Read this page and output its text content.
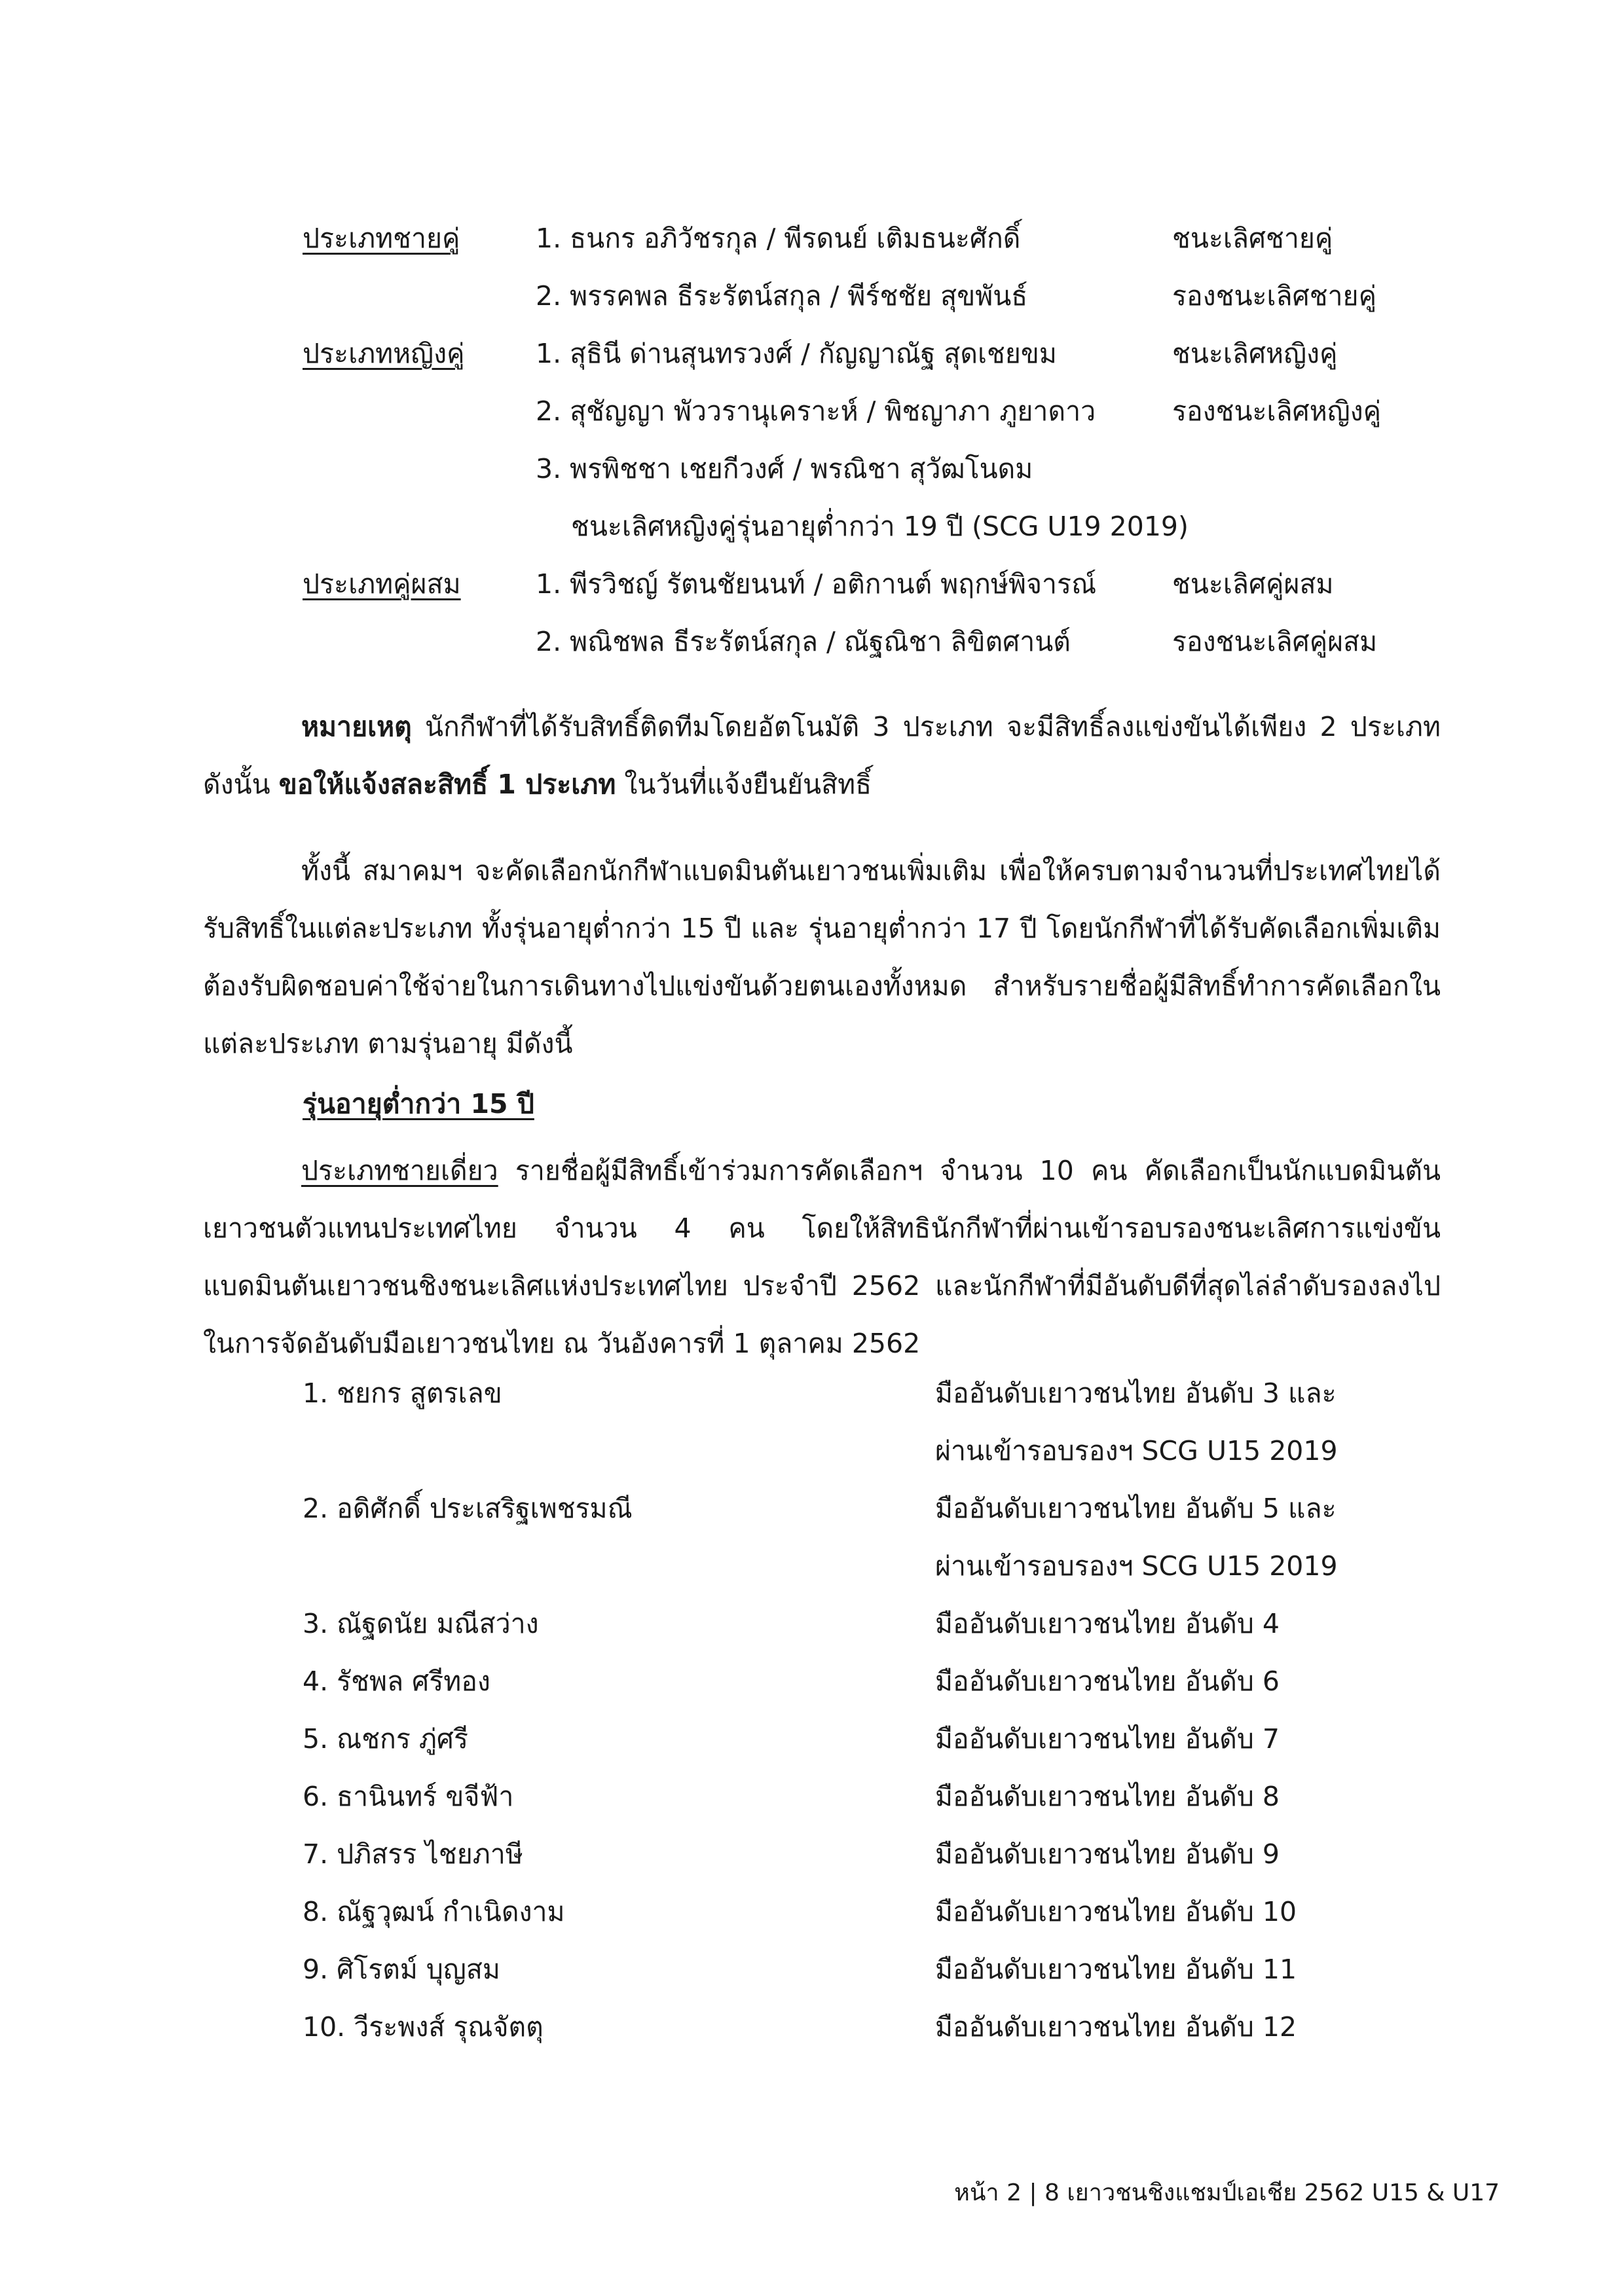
ประเภทชายคู่	1. ธนกร อภิวัชรกุล / พีรดนย์ เติมธนะศักดิ์	ชนะเลิศชายคู่
2. พรรคพล ธีระรัตน์สกุล / พีร์ชชัย สุขพันธ์	รองชนะเลิศชายคู่
ประเภทหญิงคู่	1. สุธินี ด่านสุนทรวงศ์ / กัญญาณัฐ สุดเชยขม	ชนะเลิศหญิงคู่
2. สุชัญญา พัววรานุเคราะห์ / พิชญาภา ภูยาดาว	รองชนะเลิศหญิงคู่
3. พรพิชชา เชยกีวงศ์ / พรณิชา สุวัฒโนดม
ชนะเลิศหญิงคู่รุ่นอายุต่ำกว่า 19 ปี (SCG U19 2019)
ประเภทคู่ผสม	1. พีรวิชญ์ รัตนชัยนนท์ / อติกานต์ พฤกษ์พิจารณ์	ชนะเลิศคู่ผสม
2. พณิชพล ธีระรัตน์สกุล / ณัฐณิชา ลิขิตศานต์	รองชนะเลิศคู่ผสม
หมายเหตุ นักกีฬาที่ได้รับสิทธิ์ติดทีมโดยอัตโนมัติ 3 ประเภท จะมีสิทธิ์ลงแข่งขันได้เพียง 2 ประเภท ดังนั้น ขอให้แจ้งสละสิทธิ์ 1 ประเภท ในวันที่แจ้งยืนยันสิทธิ์
ทั้งนี้ สมาคมฯ จะคัดเลือกนักกีฬาแบดมินตันเยาวชนเพิ่มเติม เพื่อให้ครบตามจำนวนที่ประเทศไทยได้รับสิทธิ์ในแต่ละประเภท ทั้งรุ่นอายุต่ำกว่า 15 ปี และ รุ่นอายุต่ำกว่า 17 ปี โดยนักกีฬาที่ได้รับคัดเลือกเพิ่มเติม ต้องรับผิดชอบค่าใช้จ่ายในการเดินทางไปแข่งขันด้วยตนเองทั้งหมด สำหรับรายชื่อผู้มีสิทธิ์ทำการคัดเลือกในแต่ละประเภท ตามรุ่นอายุ มีดังนี้
รุ่นอายุต่ำกว่า 15 ปี
ประเภทชายเดี่ยว รายชื่อผู้มีสิทธิ์เข้าร่วมการคัดเลือกฯ จำนวน 10 คน คัดเลือกเป็นนักแบดมินตันเยาวชนตัวแทนประเทศไทย จำนวน 4 คน โดยให้สิทธินักกีฬาที่ผ่านเข้ารอบรองชนะเลิศการแข่งขันแบดมินตันเยาวชนชิงชนะเลิศแห่งประเทศไทย ประจำปี 2562 และนักกีฬาที่มีอันดับดีที่สุดไล่ลำดับรองลงไปในการจัดอันดับมือเยาวชนไทย ณ วันอังคารที่ 1 ตุลาคม 2562
1. ชยกร สูตรเลข	มืออันดับเยาวชนไทย อันดับ 3 และ
ผ่านเข้ารอบรองฯ SCG U15 2019
2. อดิศักดิ์ ประเสริฐเพชรมณี	มืออันดับเยาวชนไทย อันดับ 5 และ
ผ่านเข้ารอบรองฯ SCG U15 2019
3. ณัฐดนัย มณีสว่าง	มืออันดับเยาวชนไทย อันดับ 4
4. รัชพล ศรีทอง	มืออันดับเยาวชนไทย อันดับ 6
5. ณชกร ภู่ศรี	มืออันดับเยาวชนไทย อันดับ 7
6. ธานินทร์ ขจีฟ้า	มืออันดับเยาวชนไทย อันดับ 8
7. ปภิสรร ไชยภาษี	มืออันดับเยาวชนไทย อันดับ 9
8. ณัฐวุฒน์ กำเนิดงาม	มืออันดับเยาวชนไทย อันดับ 10
9. ศิโรตม์ บุญสม	มืออันดับเยาวชนไทย อันดับ 11
10. วีระพงส์ รุณจัตตุ	มืออันดับเยาวชนไทย อันดับ 12
หน้า 2 | 8 เยาวชนชิงแชมป์เอเชีย 2562 U15 & U17
